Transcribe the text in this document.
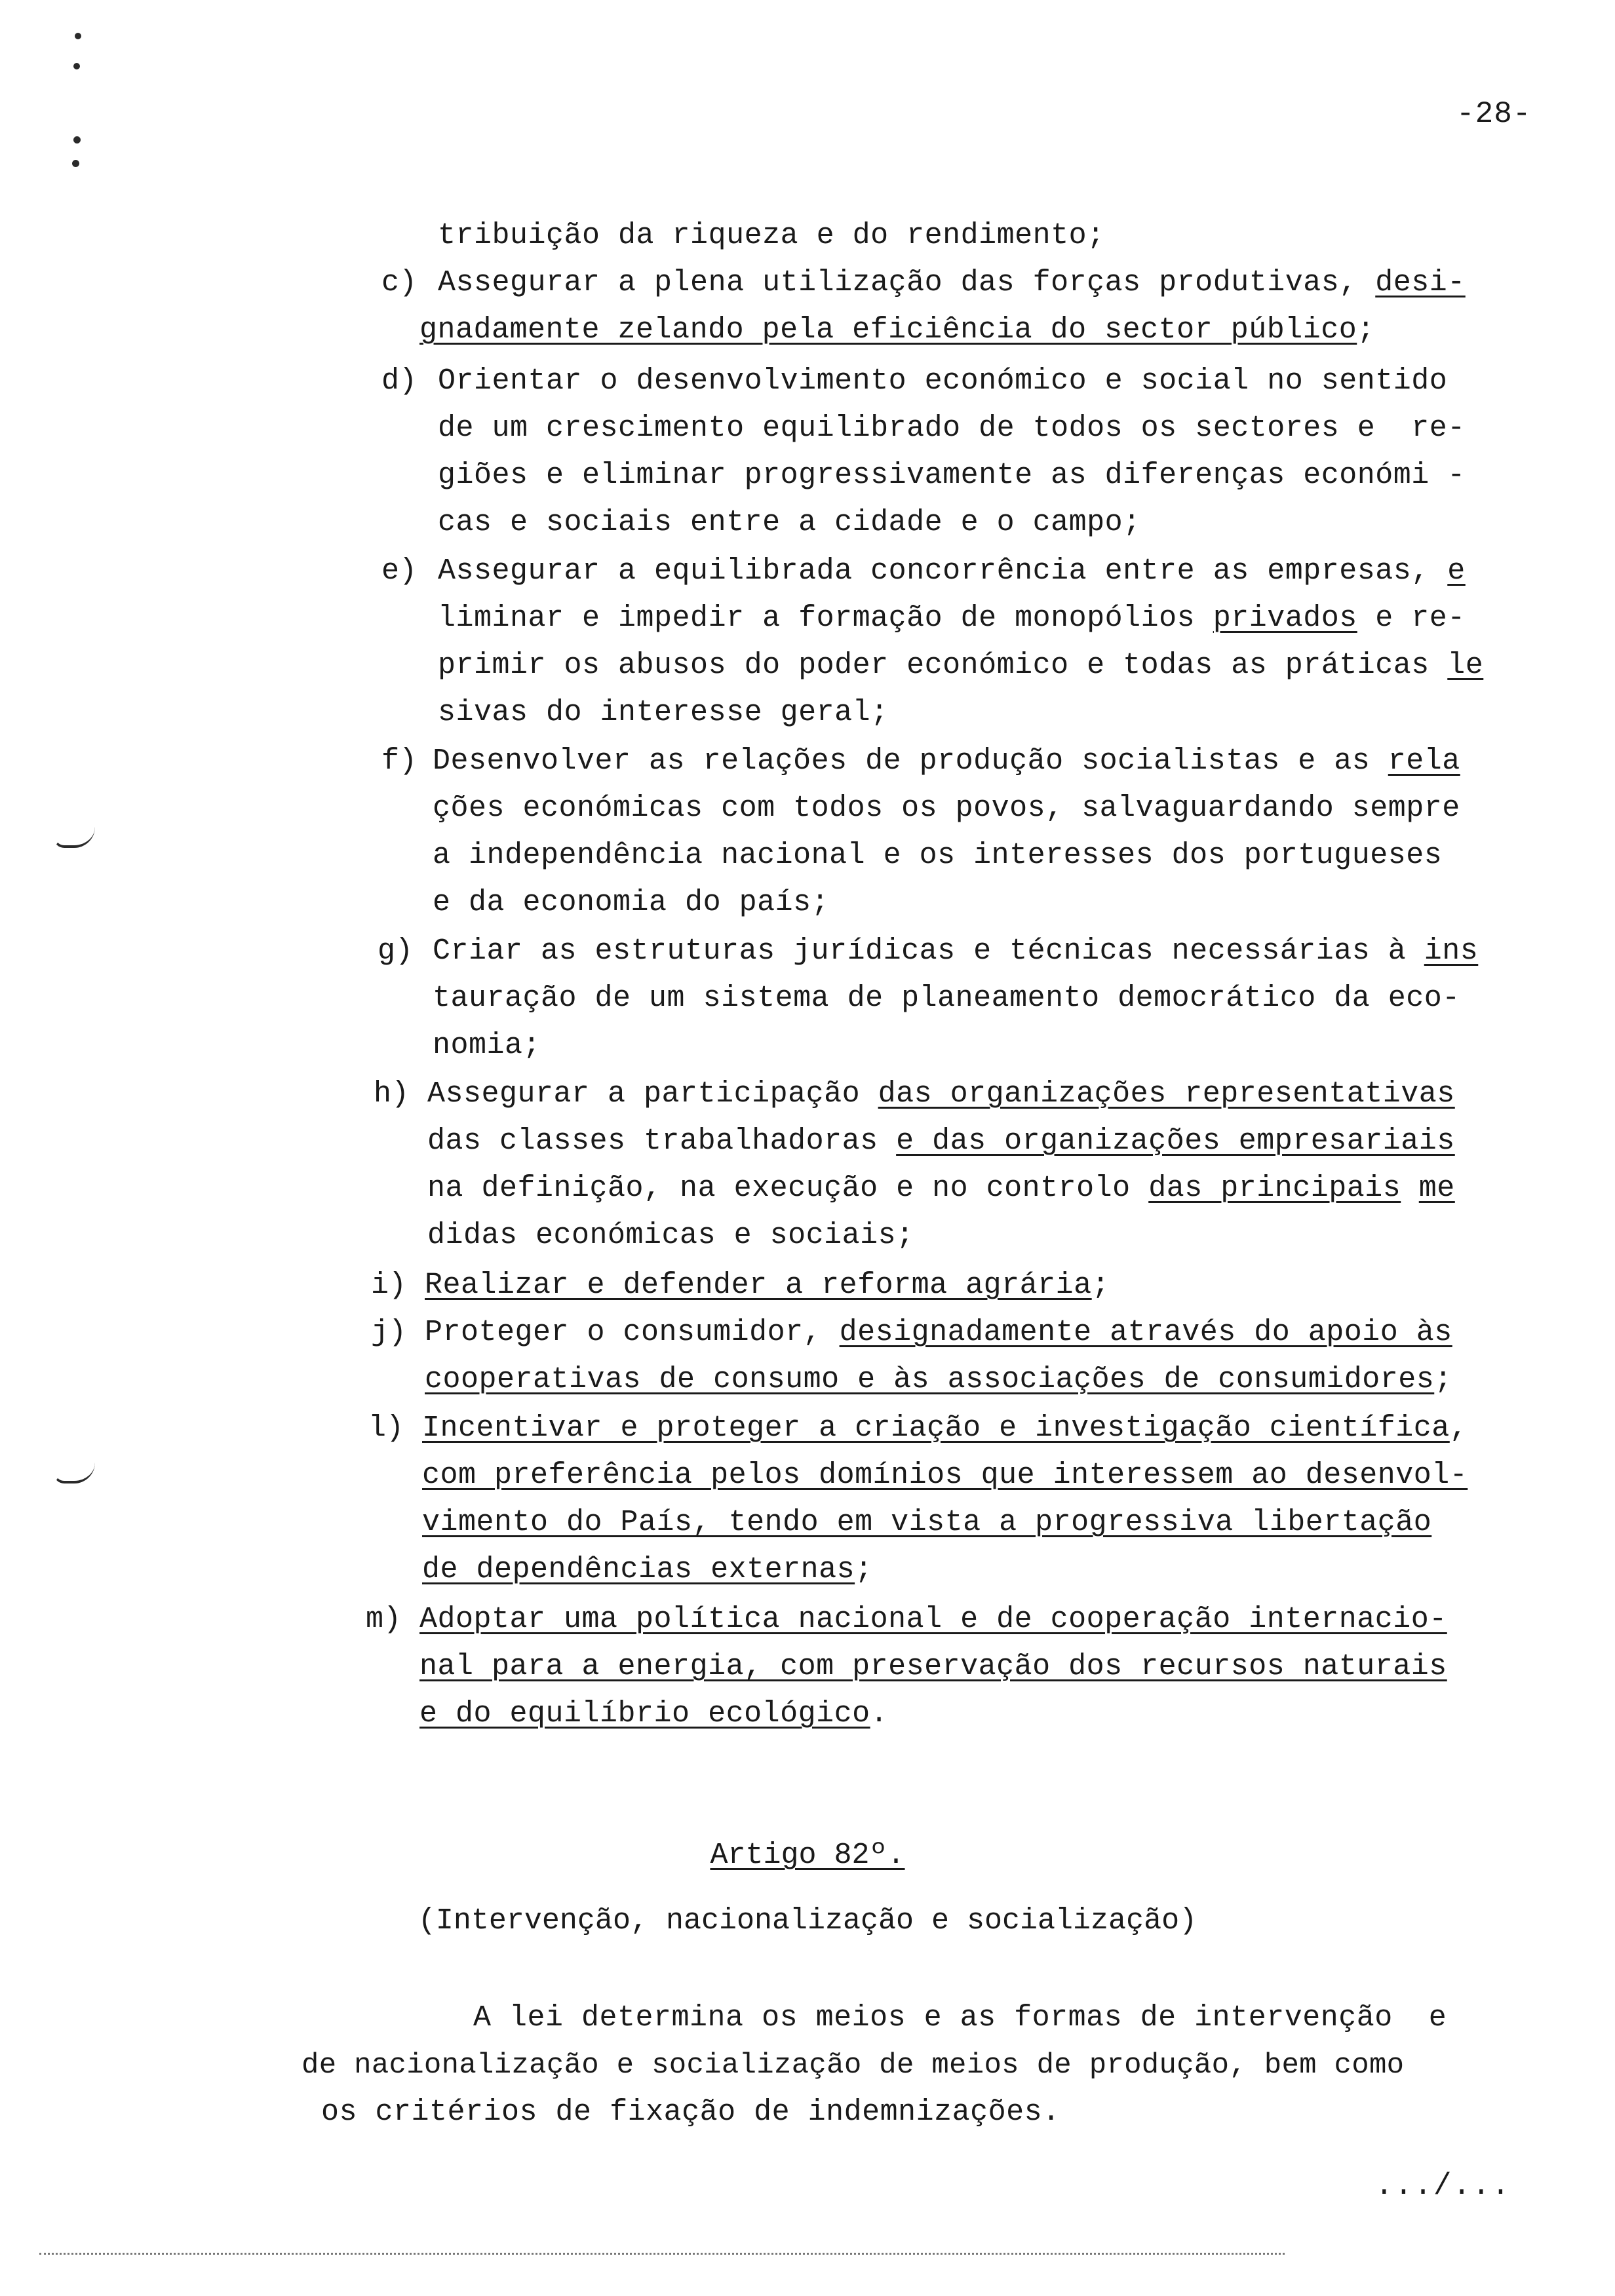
-28-
tribuição da riqueza e do rendimento;
c) Assegurar a plena utilização das forças produtivas, desi-
gnadamente zelando pela eficiência do sector público;
d) Orientar o desenvolvimento económico e social no sentido
de um crescimento equilibrado de todos os sectores e  re-
giões e eliminar progressivamente as diferenças económi -
cas e sociais entre a cidade e o campo;
e) Assegurar a equilibrada concorrência entre as empresas, e
liminar e impedir a formação de monopólios privados e re-
primir os abusos do poder económico e todas as práticas le
sivas do interesse geral;
f) Desenvolver as relações de produção socialistas e as rela
ções económicas com todos os povos, salvaguardando sempre
a independência nacional e os interesses dos portugueses
e da economia do país;
g) Criar as estruturas jurídicas e técnicas necessárias à ins
tauração de um sistema de planeamento democrático da eco-
nomia;
h) Assegurar a participação das organizações representativas
das classes trabalhadoras e das organizações empresariais
na definição, na execução e no controlo das principais me
didas económicas e sociais;
i) Realizar e defender a reforma agrária;
j) Proteger o consumidor, designadamente através do apoio às
cooperativas de consumo e às associações de consumidores;
l) Incentivar e proteger a criação e investigação científica,
com preferência pelos domínios que interessem ao desenvol-
vimento do País, tendo em vista a progressiva libertação
de dependências externas;
m) Adoptar uma política nacional e de cooperação internacio-
nal para a energia, com preservação dos recursos naturais
e do equilíbrio ecológico.
Artigo 82º.
(Intervenção, nacionalização e socialização)
A lei determina os meios e as formas de intervenção  e
de nacionalização e socialização de meios de produção, bem como
os critérios de fixação de indemnizações.
.../...
